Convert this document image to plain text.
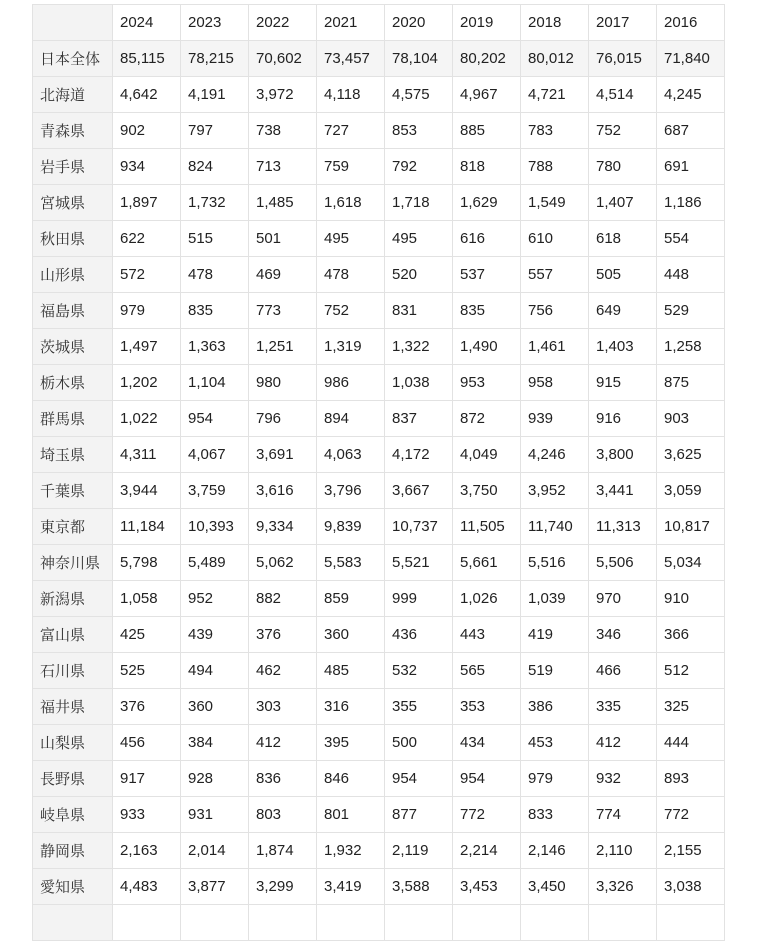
	2024	2023	2022	2021	2020	2019	2018	2017	2016
日本全体	85,115	78,215	70,602	73,457	78,104	80,202	80,012	76,015	71,840
北海道	4,642	4,191	3,972	4,118	4,575	4,967	4,721	4,514	4,245
青森県	902	797	738	727	853	885	783	752	687
岩手県	934	824	713	759	792	818	788	780	691
宮城県	1,897	1,732	1,485	1,618	1,718	1,629	1,549	1,407	1,186
秋田県	622	515	501	495	495	616	610	618	554
山形県	572	478	469	478	520	537	557	505	448
福島県	979	835	773	752	831	835	756	649	529
茨城県	1,497	1,363	1,251	1,319	1,322	1,490	1,461	1,403	1,258
栃木県	1,202	1,104	980	986	1,038	953	958	915	875
群馬県	1,022	954	796	894	837	872	939	916	903
埼玉県	4,311	4,067	3,691	4,063	4,172	4,049	4,246	3,800	3,625
千葉県	3,944	3,759	3,616	3,796	3,667	3,750	3,952	3,441	3,059
東京都	11,184	10,393	9,334	9,839	10,737	11,505	11,740	11,313	10,817
神奈川県	5,798	5,489	5,062	5,583	5,521	5,661	5,516	5,506	5,034
新潟県	1,058	952	882	859	999	1,026	1,039	970	910
富山県	425	439	376	360	436	443	419	346	366
石川県	525	494	462	485	532	565	519	466	512
福井県	376	360	303	316	355	353	386	335	325
山梨県	456	384	412	395	500	434	453	412	444
長野県	917	928	836	846	954	954	979	932	893
岐阜県	933	931	803	801	877	772	833	774	772
静岡県	2,163	2,014	1,874	1,932	2,119	2,214	2,146	2,110	2,155
愛知県	4,483	3,877	3,299	3,419	3,588	3,453	3,450	3,326	3,038
